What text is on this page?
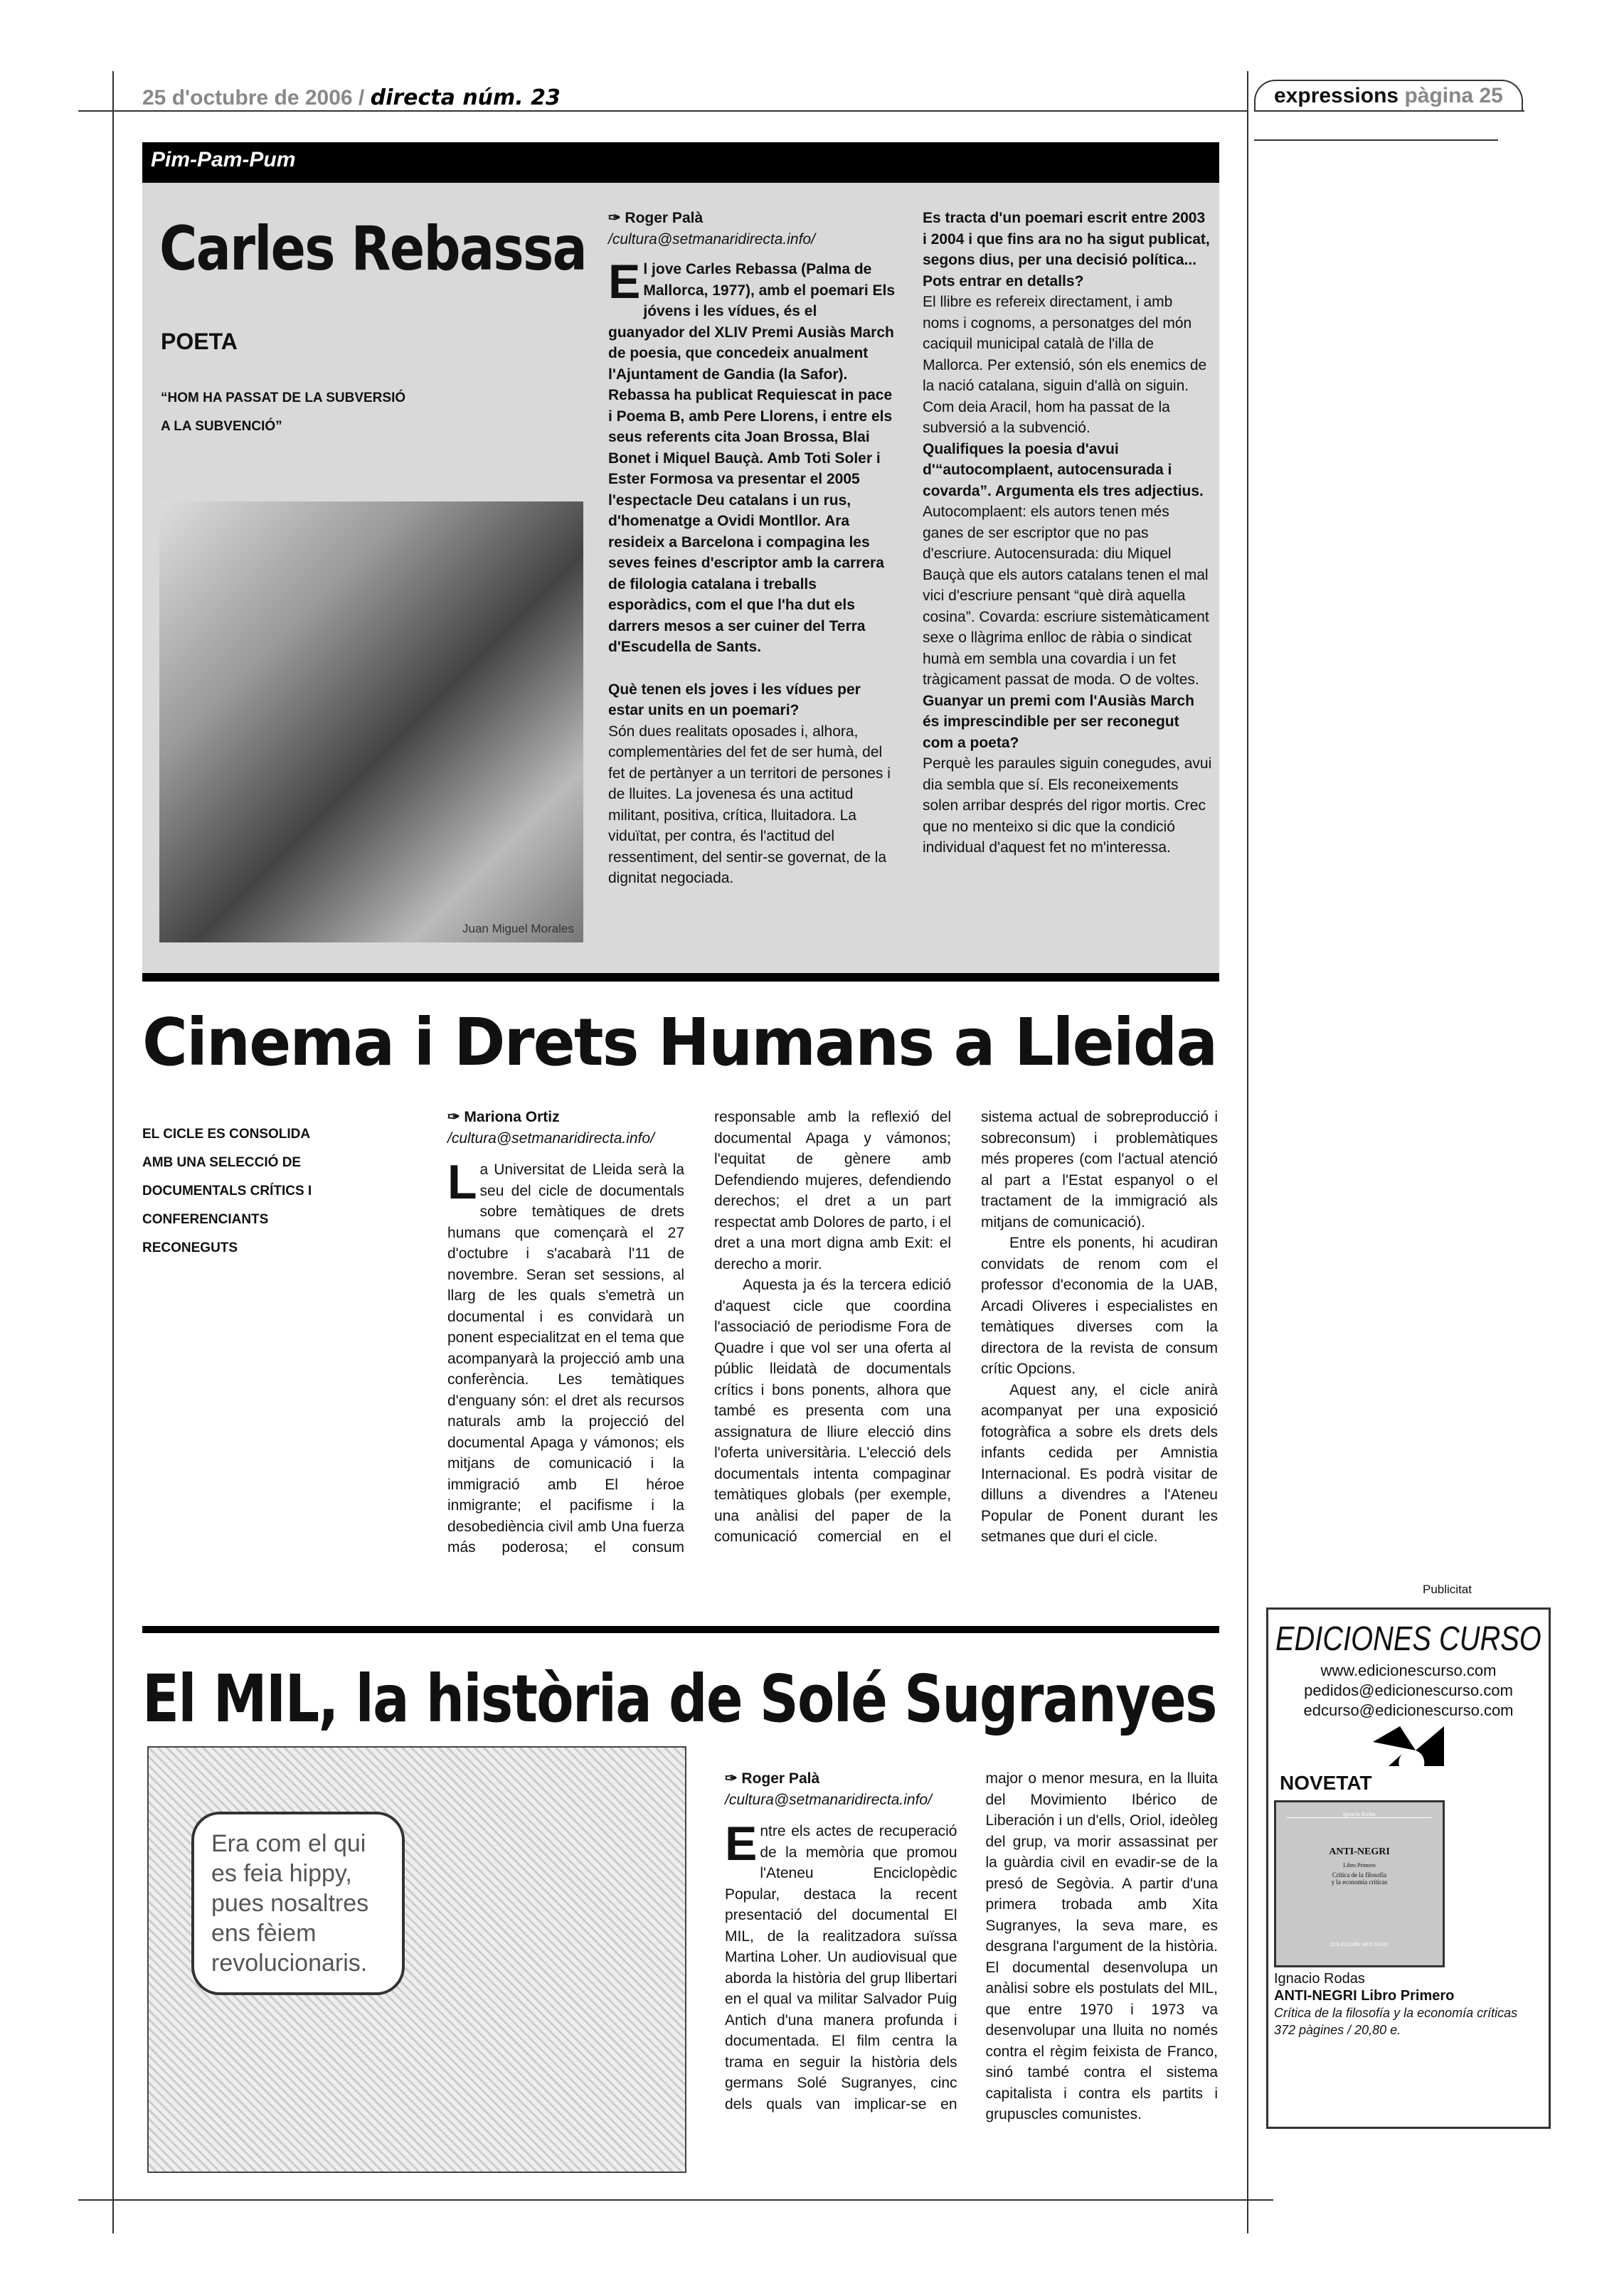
25 d'octubre de 2006 / directa núm. 23	expressions pàgina 25
Pim-Pam-Pum
Carles Rebassa
POETA
“HOM HA PASSAT DE LA SUBVERSIÓ A LA SUBVENCIÓ”
Juan Miguel Morales
✑ Roger Palà
/cultura@setmanaridirecta.info/

El jove Carles Rebassa (Palma de Mallorca, 1977), amb el poemari Els jóvens i les vídues, és el guanyador del XLIV Premi Ausiàs March de poesia, que concedeix anualment l'Ajuntament de Gandia (la Safor). Rebassa ha publicat Requiescat in pace i Poema B, amb Pere Llorens, i entre els seus referents cita Joan Brossa, Blai Bonet i Miquel Bauçà. Amb Toti Soler i Ester Formosa va presentar el 2005 l'espectacle Deu catalans i un rus, d'homenatge a Ovidi Montllor. Ara resideix a Barcelona i compagina les seves feines d'escriptor amb la carrera de filologia catalana i treballs esporàdics, com el que l'ha dut els darrers mesos a ser cuiner del Terra d'Escudella de Sants.

Què tenen els joves i les vídues per estar units en un poemari?

Són dues realitats oposades i, alhora, complementàries del fet de ser humà, del fet de pertànyer a un territori de persones i de lluites. La jovenesa és una actitud militant, positiva, crítica, lluitadora. La viduïtat, per contra, és l'actitud del ressentiment, del sentir-se governat, de la dignitat negociada.

Es tracta d'un poemari escrit entre 2003 i 2004 i que fins ara no ha sigut publicat, segons dius, per una decisió política... Pots entrar en detalls?

El llibre es refereix directament, i amb noms i cognoms, a personatges del món caciquil municipal català de l'illa de Mallorca. Per extensió, són els enemics de la nació catalana, siguin d'allà on siguin. Com deia Aracil, hom ha passat de la subversió a la subvenció.

Qualifiques la poesia d'avui d'“autocomplaent, autocensurada i covarda”. Argumenta els tres adjectius.

Autocomplaent: els autors tenen més ganes de ser escriptor que no pas d'escriure. Autocensurada: diu Miquel Bauçà que els autors catalans tenen el mal vici d'escriure pensant “què dirà aquella cosina”. Covarda: escriure sistemàticament sexe o llàgrima enlloc de ràbia o sindicat humà em sembla una covardia i un fet tràgicament passat de moda. O de voltes.

Guanyar un premi com l'Ausiàs March és imprescindible per ser reconegut com a poeta?

Perquè les paraules siguin conegudes, avui dia sembla que sí. Els reconeixements solen arribar després del rigor mortis. Crec que no menteixo si dic que la condició individual d'aquest fet no m'interessa.

Cinema i Drets Humans a Lleida
EL CICLE ES CONSOLIDA AMB UNA SELECCIÓ DE DOCUMENTALS CRÍTICS I CONFERENCIANTS RECONEGUTS
✑ Mariona Ortiz
/cultura@setmanaridirecta.info/

La Universitat de Lleida serà la seu del cicle de documentals sobre temàtiques de drets humans que començarà el 27 d'octubre i s'acabarà l'11 de novembre. Seran set sessions, al llarg de les quals s'emetrà un documental i es convidarà un ponent especialitzat en el tema que acompanyarà la projecció amb una conferència. Les temàtiques d'enguany són: el dret als recursos naturals amb la projecció del documental Apaga y vámonos; els mitjans de comunicació i la immigració amb El héroe inmigrante; el pacifisme i la desobediència civil amb Una fuerza más poderosa; el consum responsable amb la reflexió del documental Apaga y vámonos; l'equitat de gènere amb Defendiendo mujeres, defendiendo derechos; el dret a un part respectat amb Dolores de parto, i el dret a una mort digna amb Exit: el derecho a morir.

Aquesta ja és la tercera edició d'aquest cicle que coordina l'associació de periodisme Fora de Quadre i que vol ser una oferta al públic lleidatà de documentals crítics i bons ponents, alhora que també es presenta com una assignatura de lliure elecció dins l'oferta universitària. L'elecció dels documentals intenta compaginar temàtiques globals (per exemple, una anàlisi del paper de la comunicació comercial en el sistema actual de sobreproducció i sobreconsum) i problemàtiques més properes (com l'actual atenció al part a l'Estat espanyol o el tractament de la immigració als mitjans de comunicació).

Entre els ponents, hi acudiran convidats de renom com el professor d'economia de la UAB, Arcadi Oliveres i especialistes en temàtiques diverses com la directora de la revista de consum crític Opcions.

Aquest any, el cicle anirà acompanyat per una exposició fotogràfica a sobre els drets dels infants cedida per Amnistia Internacional. Es podrà visitar de dilluns a divendres a l'Ateneu Popular de Ponent durant les setmanes que duri el cicle.

El MIL, la història de Solé Sugranyes
Era com el qui es feia hippy, pues nosaltres ens fèiem revolucionaris.
✑ Roger Palà
/cultura@setmanaridirecta.info/

Entre els actes de recuperació de la memòria que promou l'Ateneu Enciclopèdic Popular, destaca la recent presentació del documental El MIL, de la realitzadora suïssa Martina Loher. Un audiovisual que aborda la història del grup llibertari en el qual va militar Salvador Puig Antich d'una manera profunda i documentada. El film centra la trama en seguir la història dels germans Solé Sugranyes, cinc dels quals van implicar-se en major o menor mesura, en la lluita del Movimiento Ibérico de Liberación i un d'ells, Oriol, ideòleg del grup, va morir assassinat per la guàrdia civil en evadir-se de la presó de Segòvia. A partir d'una primera trobada amb Xita Sugranyes, la seva mare, es desgrana l'argument de la història. El documental desenvolupa un anàlisi sobre els postulats del MIL, que entre 1970 i 1973 va desenvolupar una lluita no només contra el règim feixista de Franco, sinó també contra el sistema capitalista i contra els partits i grupuscles comunistes.

Publicitat
EDICIONES CURSO
www.edicionescurso.com
pedidos@edicionescurso.com
edcurso@edicionescurso.com
NOVETAT
Ignacio Rodas
ANTI-NEGRI
Libro Primero
Crítica de la filosofía
y la economía críticas
COLECCIÓN HILO ROJO
Ignacio Rodas
ANTI-NEGRI Libro Primero
Crítica de la filosofía y la economía críticas
372 pàgines / 20,80 e.
